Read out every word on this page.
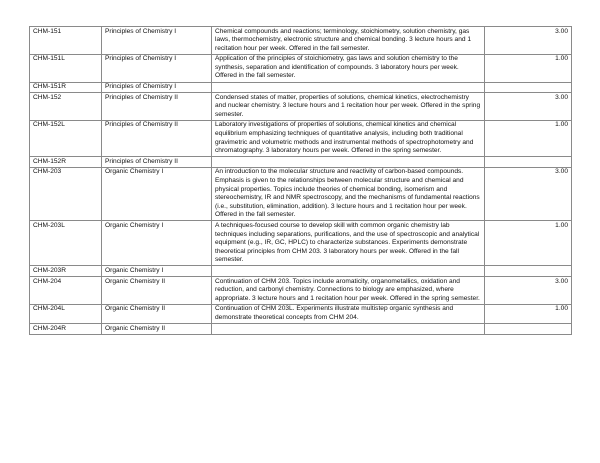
CHM-151	Principles of Chemistry I	Chemical compounds and reactions; terminology, stoichiometry, solution chemistry, gas laws, thermochemistry, electronic structure and chemical bonding. 3 lecture hours and 1 recitation hour per week. Offered in the fall semester.	3.00
CHM-151L	Principles of Chemistry I	Application of the principles of stoichiometry, gas laws and solution chemistry to the synthesis, separation and identification of compounds. 3 laboratory hours per week. Offered in the fall semester.	1.00
CHM-151R	Principles of Chemistry I		
CHM-152	Principles of Chemistry II	Condensed states of matter, properties of solutions, chemical kinetics, electrochemistry and nuclear chemistry. 3 lecture hours and 1 recitation hour per week. Offered in the spring semester.	3.00
CHM-152L	Principles of Chemistry II	Laboratory investigations of properties of solutions, chemical kinetics and chemical equilibrium emphasizing techniques of quantitative analysis, including both traditional gravimetric and volumetric methods and instrumental methods of spectrophotometry and chromatography. 3 laboratory hours per week. Offered in the spring semester.	1.00
CHM-152R	Principles of Chemistry II		
CHM-203	Organic Chemistry I	An introduction to the molecular structure and reactivity of carbon-based compounds. Emphasis is given to the relationships between molecular structure and chemical and physical properties. Topics include theories of chemical bonding, isomerism and stereochemistry, IR and NMR spectroscopy, and the mechanisms of fundamental reactions (i.e., substitution, elimination, addition). 3 lecture hours and 1 recitation hour per week. Offered in the fall semester.	3.00
CHM-203L	Organic Chemistry I	A techniques-focused course to develop skill with common organic chemistry lab techniques including separations, purifications, and the use of spectroscopic and analytical equipment (e.g., IR, GC, HPLC) to characterize substances. Experiments demonstrate theoretical principles from CHM 203. 3 laboratory hours per week. Offered in the fall semester.	1.00
CHM-203R	Organic Chemistry I		
CHM-204	Organic Chemistry II	Continuation of CHM 203. Topics include aromaticity, organometallics, oxidation and reduction, and carbonyl chemistry. Connections to biology are emphasized, where appropriate. 3 lecture hours and 1 recitation hour per week. Offered in the spring semester.	3.00
CHM-204L	Organic Chemistry II	Continuation of CHM 203L. Experiments illustrate multistep organic synthesis and demonstrate theoretical concepts from CHM 204.	1.00
CHM-204R	Organic Chemistry II		
